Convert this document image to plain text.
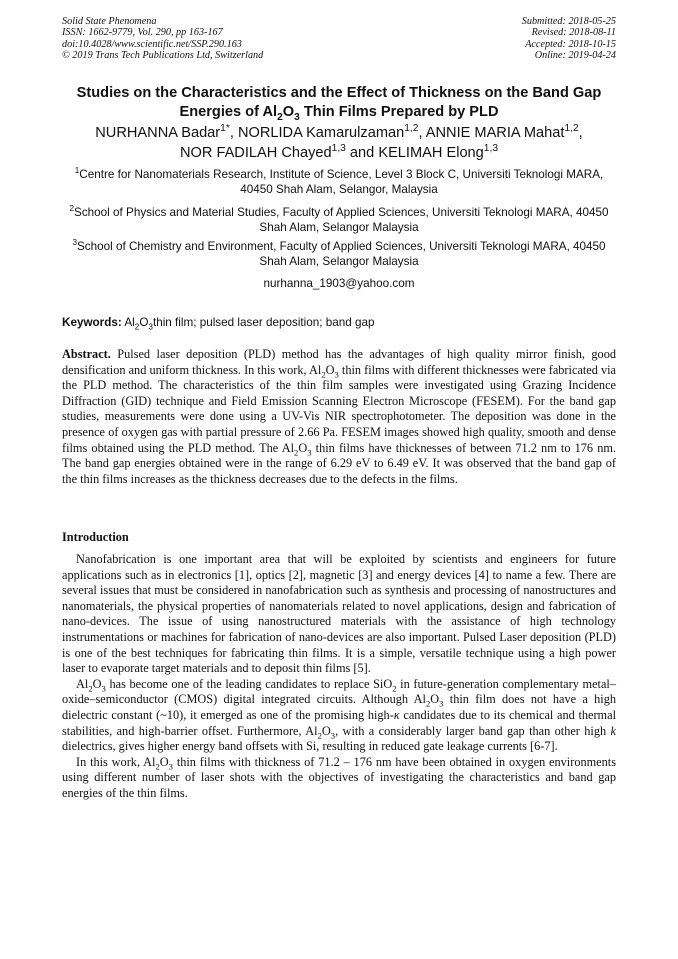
Solid State Phenomena
ISSN: 1662-9779, Vol. 290, pp 163-167
doi:10.4028/www.scientific.net/SSP.290.163
© 2019 Trans Tech Publications Ltd, Switzerland
Submitted: 2018-05-25
Revised: 2018-08-11
Accepted: 2018-10-15
Online: 2019-04-24
Studies on the Characteristics and the Effect of Thickness on the Band Gap Energies of $Al_2O_3$ Thin Films Prepared by PLD
NURHANNA Badar$^{1*}$, NORLIDA Kamarulzaman$^{1,2}$, ANNIE MARIA Mahat$^{1,2}$,
NOR FADILAH Chayed$^{1,3}$ and KELIMAH Elong$^{1,3}$
$^1$Centre for Nanomaterials Research, Institute of Science, Level 3 Block C, Universiti Teknologi MARA, 40450 Shah Alam, Selangor, Malaysia
$^2$School of Physics and Material Studies, Faculty of Applied Sciences, Universiti Teknologi MARA, 40450 Shah Alam, Selangor Malaysia
$^3$School of Chemistry and Environment, Faculty of Applied Sciences, Universiti Teknologi MARA, 40450 Shah Alam, Selangor Malaysia
nurhanna_1903@yahoo.com
Keywords: $Al_2O_3thin$ film; pulsed laser deposition; band gap
Abstract. Pulsed laser deposition (PLD) method has the advantages of high quality mirror finish, good densification and uniform thickness. In this work, $Al_2O_3$ thin films with different thicknesses were fabricated via the PLD method. The characteristics of the thin film samples were investigated using Grazing Incidence Diffraction (GID) technique and Field Emission Scanning Electron Microscope (FESEM). For the band gap studies, measurements were done using a UV-Vis NIR spectrophotometer. The deposition was done in the presence of oxygen gas with partial pressure of 2.66 Pa. FESEM images showed high quality, smooth and dense films obtained using the PLD method. The $Al_2O_3$ thin films have thicknesses of between 71.2 nm to 176 nm. The band gap energies obtained were in the range of 6.29 eV to 6.49 eV. It was observed that the band gap of the thin films increases as the thickness decreases due to the defects in the films.
Introduction

Nanofabrication is one important area that will be exploited by scientists and engineers for future applications such as in electronics [1], optics [2], magnetic [3] and energy devices [4] to name a few. There are several issues that must be considered in nanofabrication such as synthesis and processing of nanostructures and nanomaterials, the physical properties of nanomaterials related to novel applications, design and fabrication of nano-devices. The issue of using nanostructured materials with the assistance of high technology instrumentations or machines for fabrication of nano-devices are also important. Pulsed Laser deposition (PLD) is one of the best techniques for fabricating thin films. It is a simple, versatile technique using a high power laser to evaporate target materials and to deposit thin films [5].

$Al_2O_3$ has become one of the leading candidates to replace SiO$_2$ in future-generation complementary metal–oxide–semiconductor (CMOS) digital integrated circuits. Although $Al_2O_3$ thin film does not have a high dielectric constant (~10), it emerged as one of the promising high-κ candidates due to its chemical and thermal stabilities, and high-barrier offset. Furthermore, $Al_2O_3$, with a considerably larger band gap than other high k dielectrics, gives higher energy band offsets with Si, resulting in reduced gate leakage currents [6-7].

In this work, $Al_2O_3$ thin films with thickness of 71.2 – 176 nm have been obtained in oxygen environments using different number of laser shots with the objectives of investigating the characteristics and band gap energies of the thin films.
